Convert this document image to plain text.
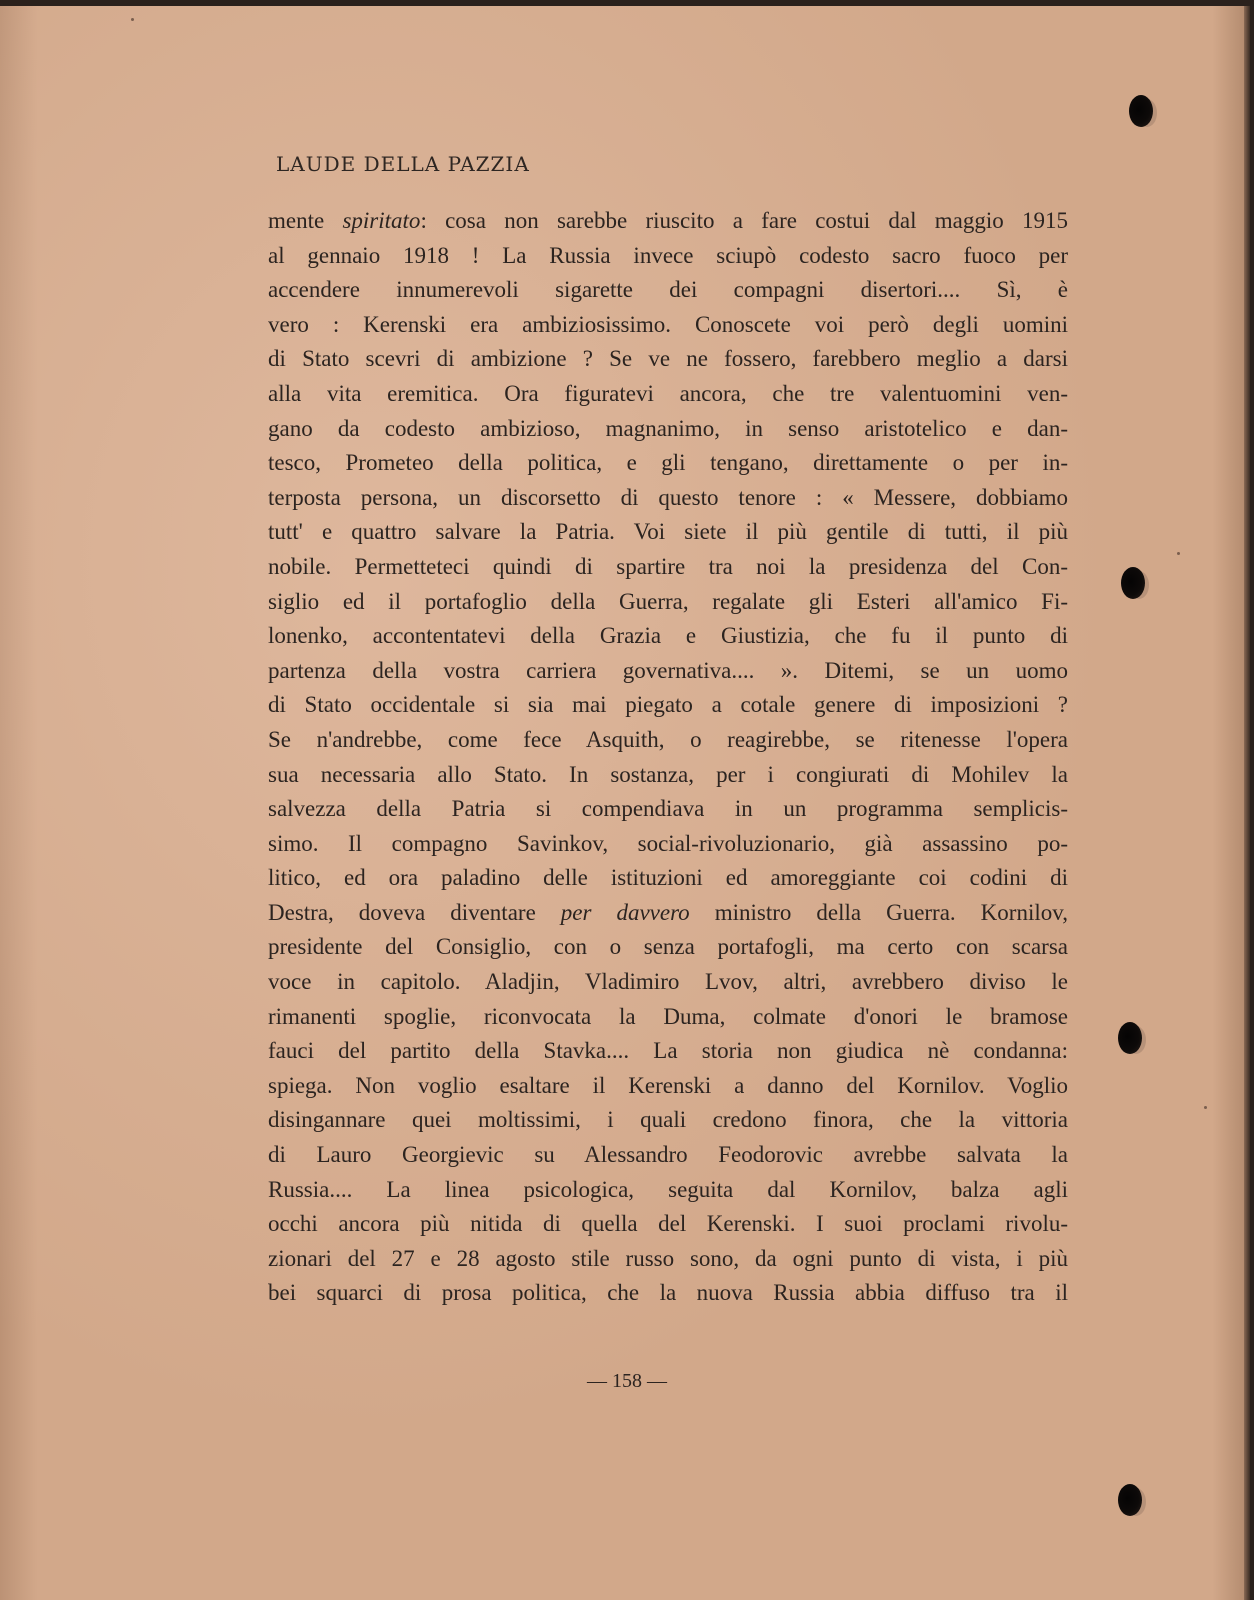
LAUDE DELLA PAZZIA
mente spiritato: cosa non sarebbe riuscito a fare costui dal maggio 1915
al gennaio 1918 ! La Russia invece sciupò codesto sacro fuoco per
accendere innumerevoli sigarette dei compagni disertori.... Sì, è
vero : Kerenski era ambiziosissimo. Conoscete voi però degli uomini
di Stato scevri di ambizione ? Se ve ne fossero, farebbero meglio a darsi
alla vita eremitica. Ora figuratevi ancora, che tre valentuomini ven-
gano da codesto ambizioso, magnanimo, in senso aristotelico e dan-
tesco, Prometeo della politica, e gli tengano, direttamente o per in-
terposta persona, un discorsetto di questo tenore : « Messere, dobbiamo
tutt' e quattro salvare la Patria. Voi siete il più gentile di tutti, il più
nobile. Permetteteci quindi di spartire tra noi la presidenza del Con-
siglio ed il portafoglio della Guerra, regalate gli Esteri all'amico Fi-
lonenko, accontentatevi della Grazia e Giustizia, che fu il punto di
partenza della vostra carriera governativa.... ». Ditemi, se un uomo
di Stato occidentale si sia mai piegato a cotale genere di imposizioni ?
Se n'andrebbe, come fece Asquith, o reagirebbe, se ritenesse l'opera
sua necessaria allo Stato. In sostanza, per i congiurati di Mohilev la
salvezza della Patria si compendiava in un programma semplicis-
simo. Il compagno Savinkov, social-rivoluzionario, già assassino po-
litico, ed ora paladino delle istituzioni ed amoreggiante coi codini di
Destra, doveva diventare per davvero ministro della Guerra. Kornilov,
presidente del Consiglio, con o senza portafogli, ma certo con scarsa
voce in capitolo. Aladjin, Vladimiro Lvov, altri, avrebbero diviso le
rimanenti spoglie, riconvocata la Duma, colmate d'onori le bramose
fauci del partito della Stavka.... La storia non giudica nè condanna:
spiega. Non voglio esaltare il Kerenski a danno del Kornilov. Voglio
disingannare quei moltissimi, i quali credono finora, che la vittoria
di Lauro Georgievic su Alessandro Feodorovic avrebbe salvata la
Russia.... La linea psicologica, seguita dal Kornilov, balza agli
occhi ancora più nitida di quella del Kerenski. I suoi proclami rivolu-
zionari del 27 e 28 agosto stile russo sono, da ogni punto di vista, i più
bei squarci di prosa politica, che la nuova Russia abbia diffuso tra il
— 158 —
